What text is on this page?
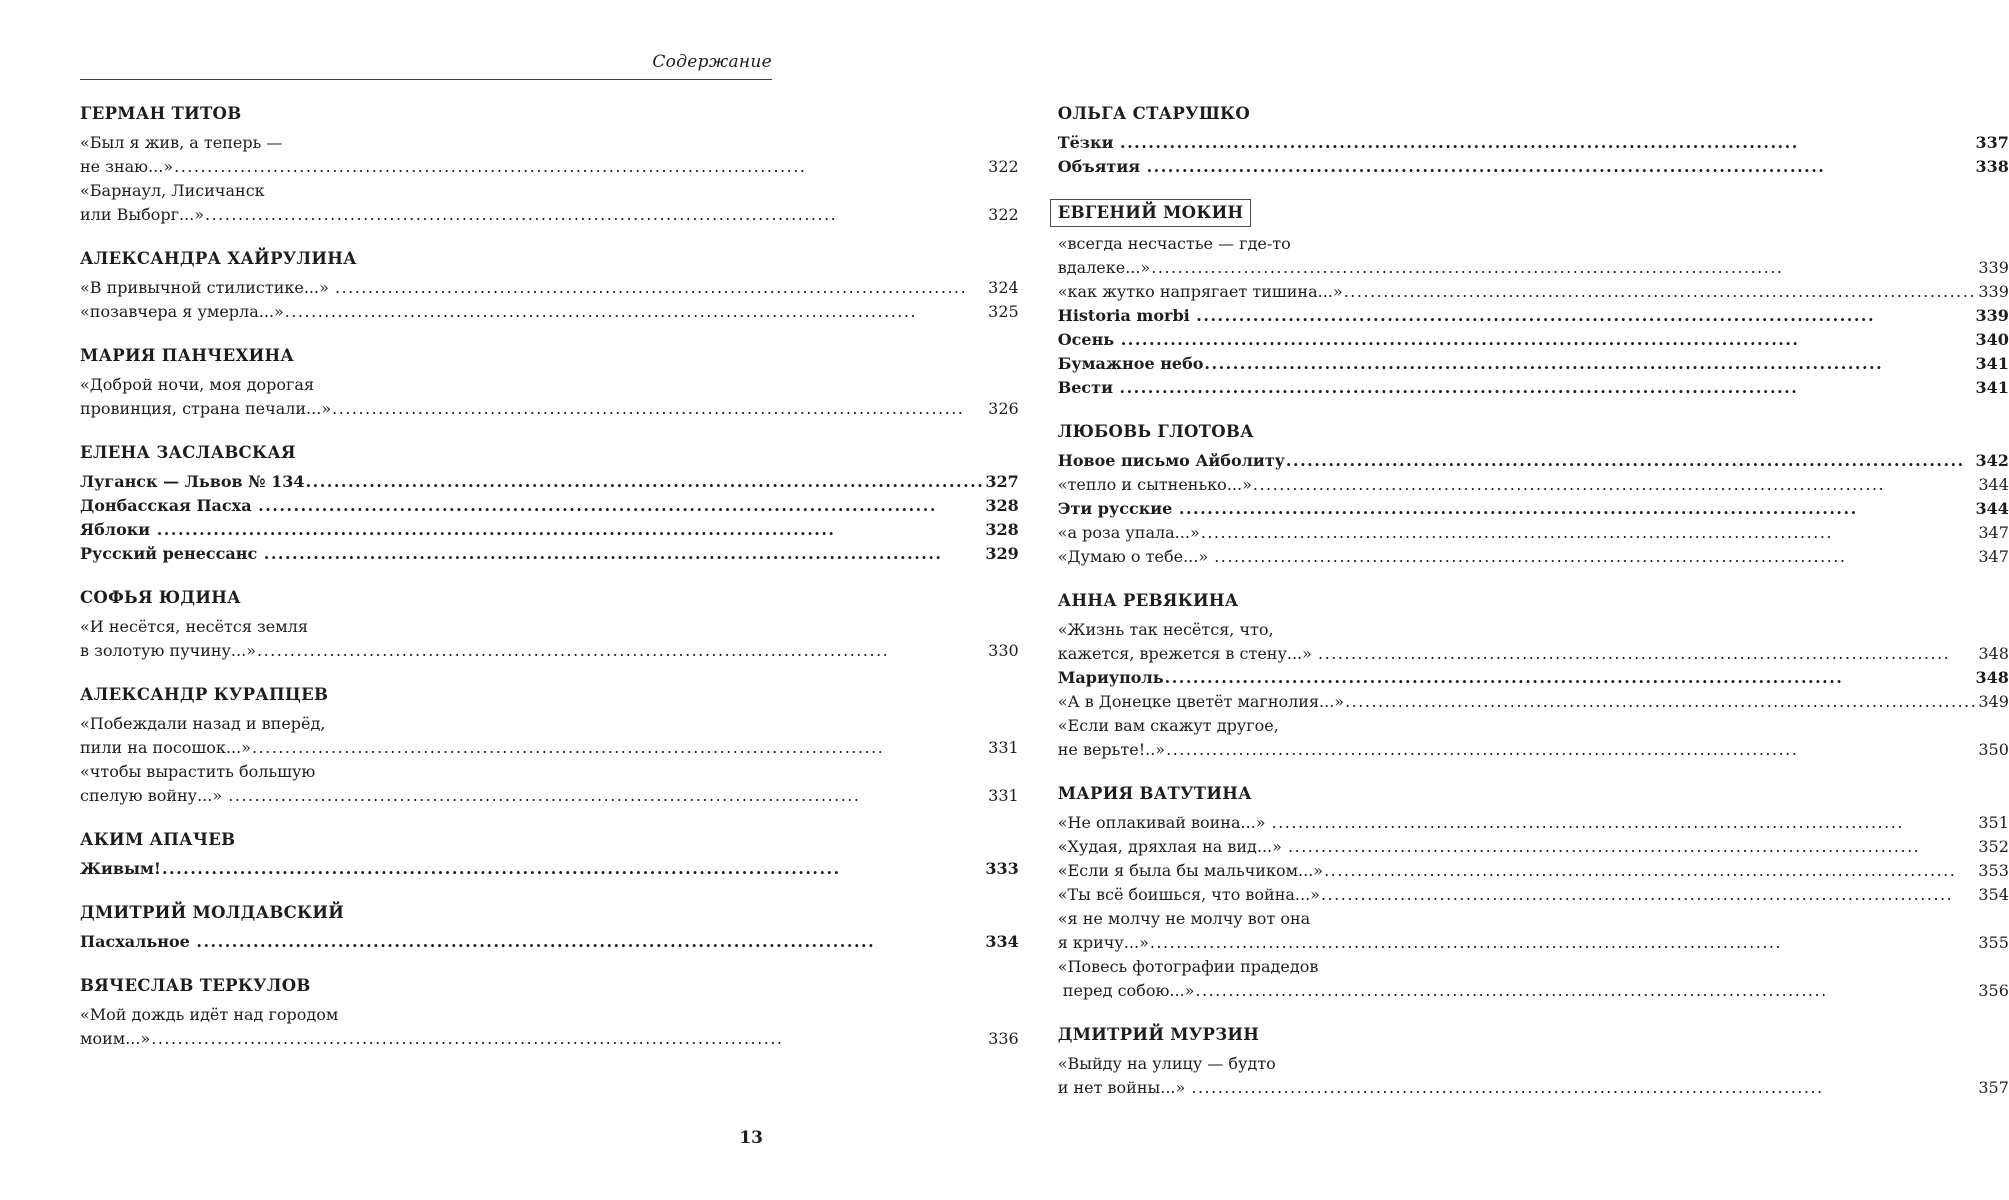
Содержание
ГЕРМАН ТИТОВ
«Был я жив, а теперь —
не знаю...» .....	322
«Барнаул, Лисичанск
или Выборг...» .....	322
АЛЕКСАНДРА ХАЙРУЛИНА
«В привычной стилистике...» .....	324
«позавчера я умерла...» .....	325
МАРИЯ ПАНЧЕХИНА
«Доброй ночи, моя дорогая
провинция, страна печали...» .....	326
ЕЛЕНА ЗАСЛАВСКАЯ
Луганск — Львов № 134 .....	327
Донбасская Пасха .....	328
Яблоки .....	328
Русский ренессанс .....	329
СОФЬЯ ЮДИНА
«И несётся, несётся земля
в золотую пучину...» .....	330
АЛЕКСАНДР КУРАПЦЕВ
«Побеждали назад и вперёд,
пили на посошок...» .....	331
«чтобы вырастить большую
спелую войну...» .....	331
АКИМ АПАЧЕВ
Живым! .....	333
ДМИТРИЙ МОЛДАВСКИЙ
Пасхальное .....	334
ВЯЧЕСЛАВ ТЕРКУЛОВ
«Мой дождь идёт над городом
моим...» .....	336
ОЛЬГА СТАРУШКО
Тёзки .....	337
Объятия .....	338
ЕВГЕНИЙ МОКИН
«всегда несчастье — где-то
вдалеке...» .....	339
«как жутко напрягает тишина...» .....	339
Historia morbi .....	339
Осень .....	340
Бумажное небо .....	341
Вести .....	341
ЛЮБОВЬ ГЛОТОВА
Новое письмо Айболиту .....	342
«тепло и сытненько...» .....	344
Эти русские .....	344
«а роза упала...» .....	347
«Думаю о тебе...» .....	347
АННА РЕВЯКИНА
«Жизнь так несётся, что,
кажется, врежется в стену...» .....	348
Мариуполь .....	348
«А в Донецке цветёт магнолия...» .....	349
«Если вам скажут другое,
не верьте!..» .....	350
МАРИЯ ВАТУТИНА
«Не оплакивай воина...» .....	351
«Худая, дряхлая на вид...» .....	352
«Если я была бы мальчиком...» .....	353
«Ты всё боишься, что война...» .....	354
«я не молчу не молчу вот она
я кричу...» .....	355
«Повесь фотографии прадедов
перед собою...» .....	356
ДМИТРИЙ МУРЗИН
«Выйду на улицу — будто
и нет войны...» .....	357
13
